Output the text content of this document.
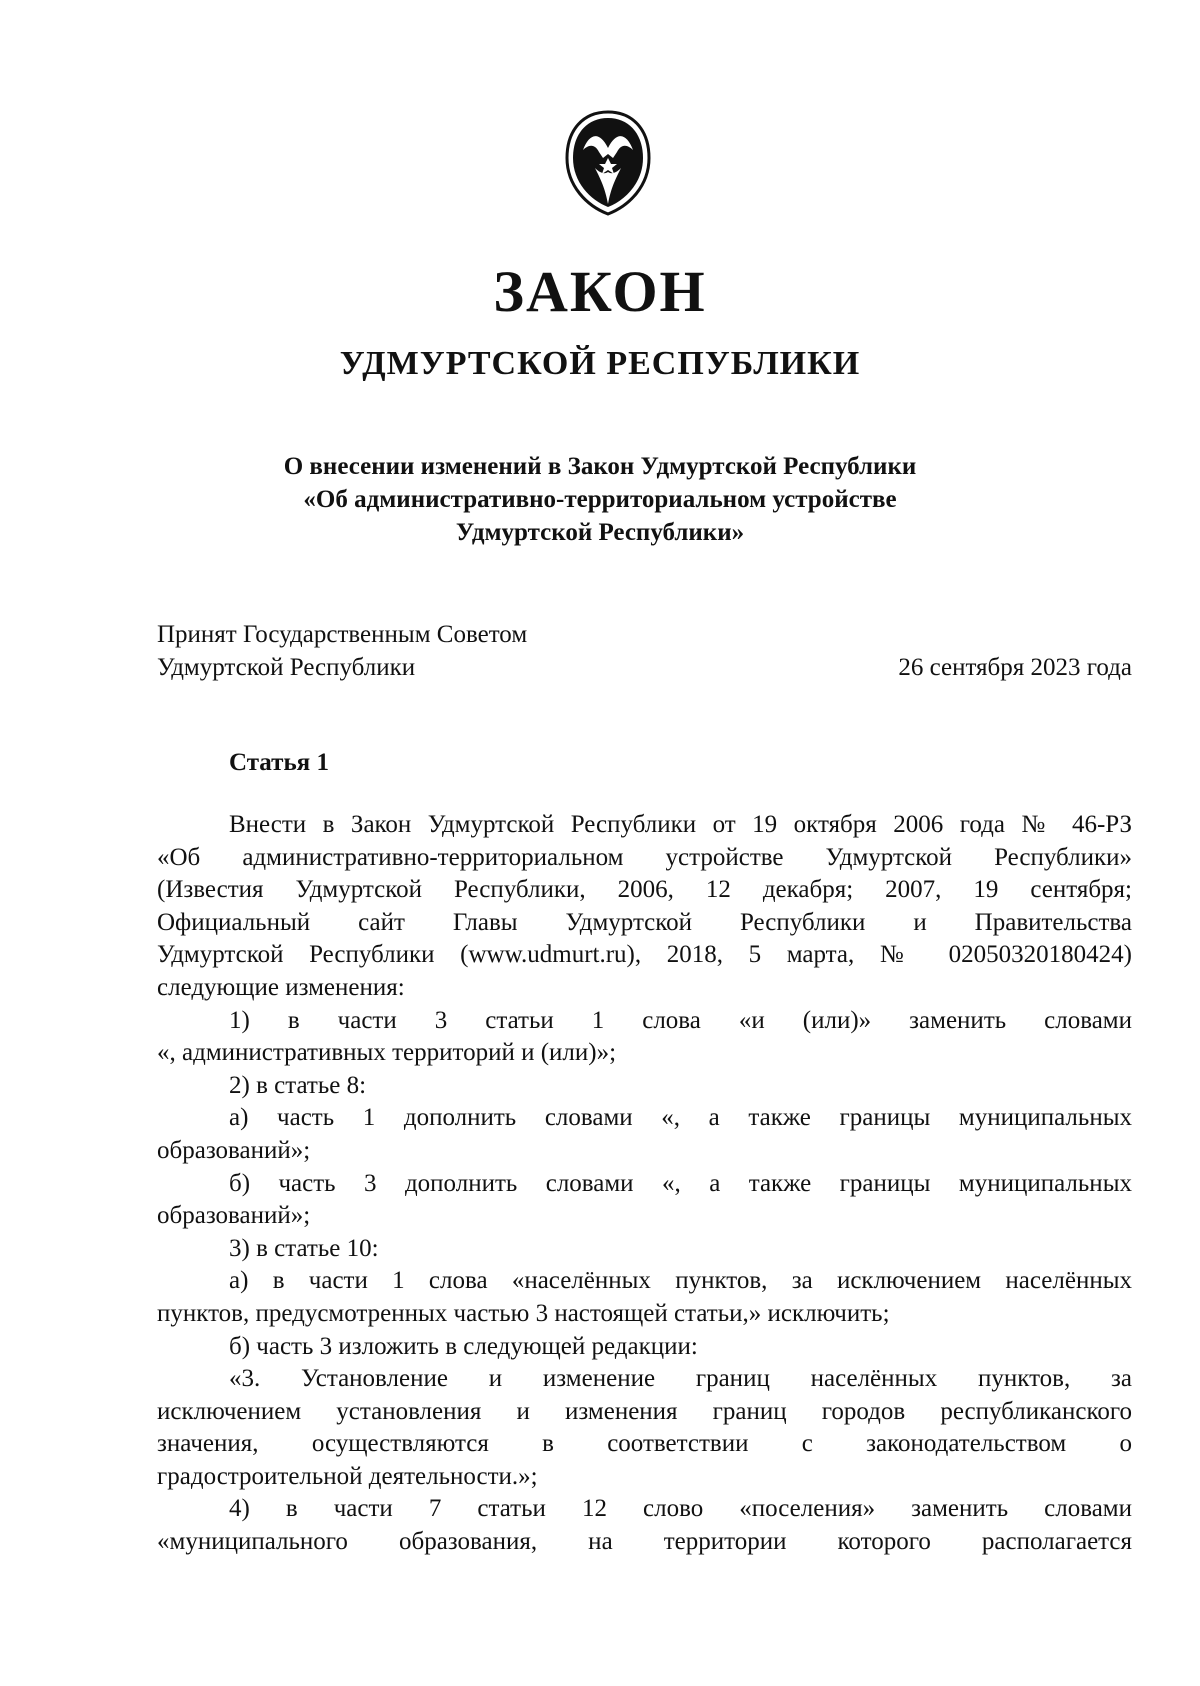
ЗАКОН
УДМУРТСКОЙ РЕСПУБЛИКИ
О внесении изменений в Закон Удмуртской Республики
«Об административно-территориальном устройстве
Удмуртской Республики»
Принят Государственным Советом
Удмуртской Республики	26 сентября 2023 года
Статья 1
Внести в Закон Удмуртской Республики от 19 октября 2006 года № 46-РЗ
«Об административно-территориальном устройстве Удмуртской Республики»
(Известия Удмуртской Республики, 2006, 12 декабря; 2007, 19 сентября;
Официальный сайт Главы Удмуртской Республики и Правительства
Удмуртской Республики (www.udmurt.ru), 2018, 5 марта, № 02050320180424)
следующие изменения:
1) в части 3 статьи 1 слова «и (или)» заменить словами
«, административных территорий и (или)»;
2) в статье 8:
а) часть 1 дополнить словами «, а также границы муниципальных
образований»;
б) часть 3 дополнить словами «, а также границы муниципальных
образований»;
3) в статье 10:
а) в части 1 слова «населённых пунктов, за исключением населённых
пунктов, предусмотренных частью 3 настоящей статьи,» исключить;
б) часть 3 изложить в следующей редакции:
«3. Установление и изменение границ населённых пунктов, за
исключением установления и изменения границ городов республиканского
значения, осуществляются в соответствии с законодательством о
градостроительной деятельности.»;
4) в части 7 статьи 12 слово «поселения» заменить словами
«муниципального образования, на территории которого располагается
